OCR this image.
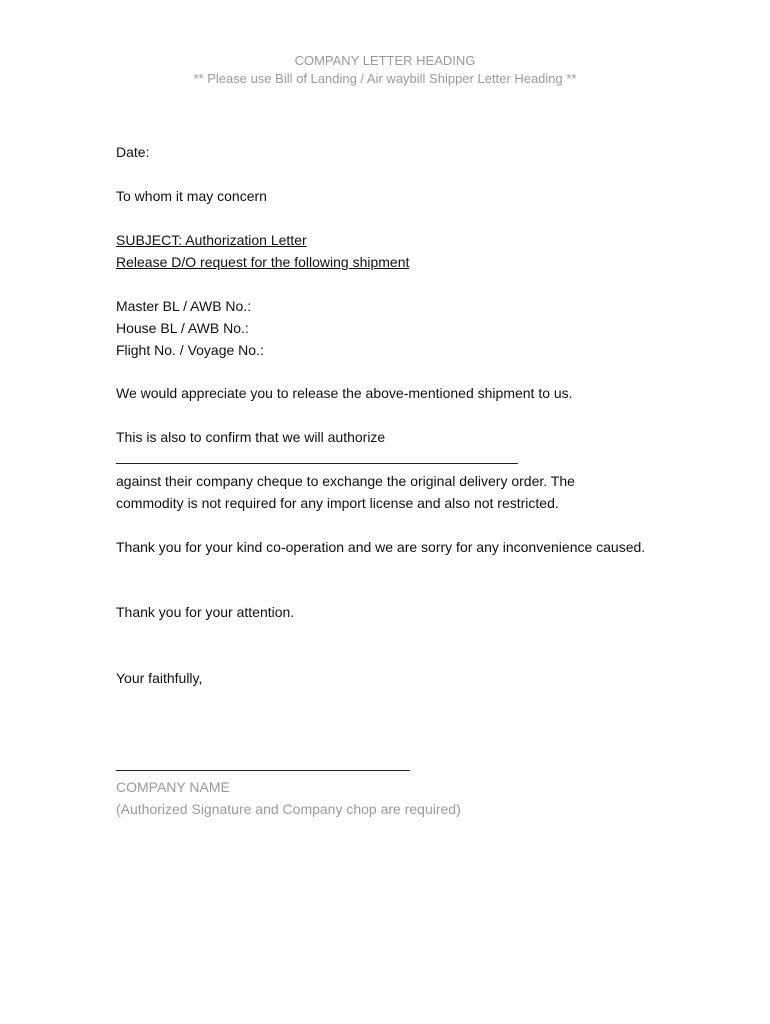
COMPANY LETTER HEADING
** Please use Bill of Landing / Air waybill Shipper Letter Heading **
Date:
To whom it may concern
SUBJECT: Authorization Letter
Release D/O request for the following shipment
Master BL / AWB No.:
House BL / AWB No.:
Flight No. / Voyage No.:
We would appreciate you to release the above-mentioned shipment to us.
This is also to confirm that we will authorize
against their company cheque to exchange the original delivery order. The
commodity is not required for any import license and also not restricted.
Thank you for your kind co-operation and we are sorry for any inconvenience caused.
Thank you for your attention.
Your faithfully,
COMPANY NAME
(Authorized Signature and Company chop are required)
